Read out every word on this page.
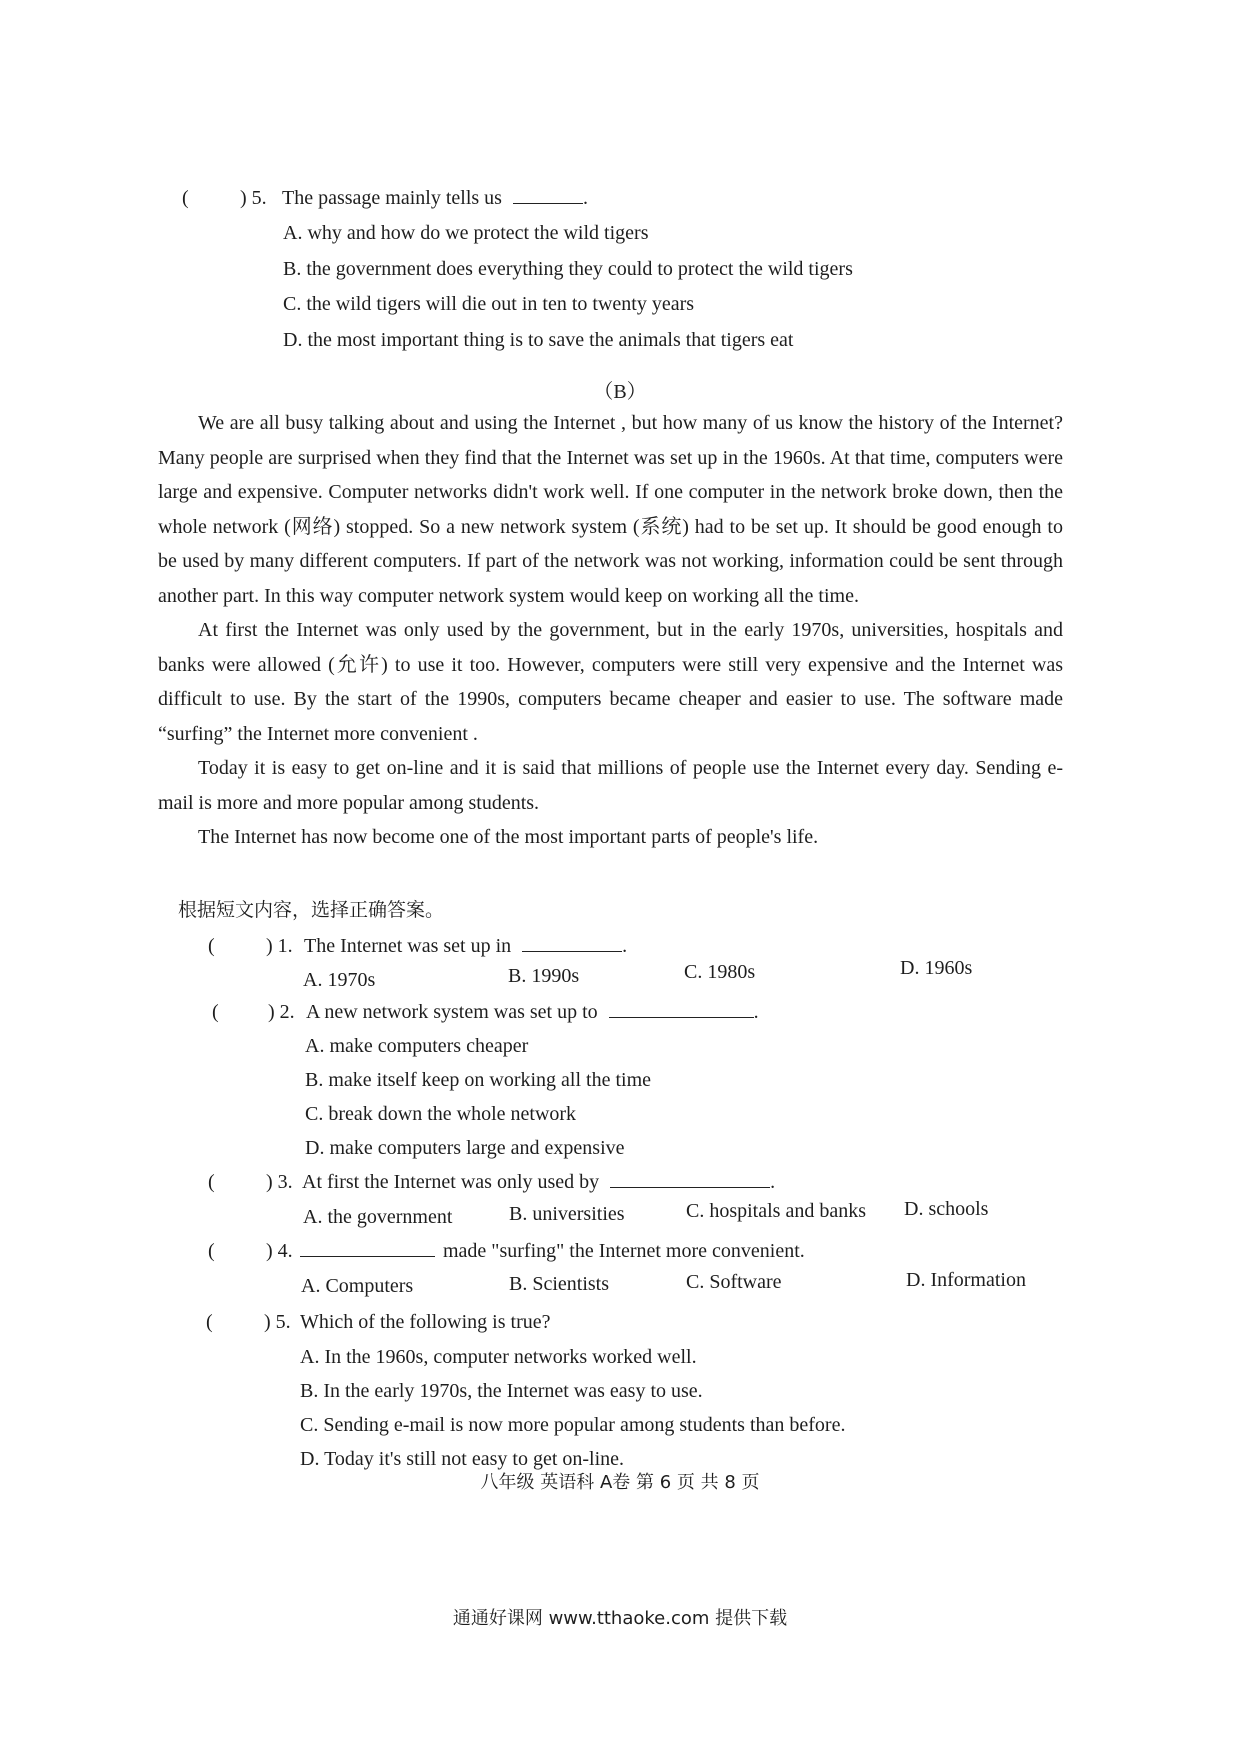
(	) 5. The passage mainly tells us	.
A. why and how do we protect the wild tigers
B. the government does everything they could to protect the wild tigers
C. the wild tigers will die out in ten to twenty years
D. the most important thing is to save the animals that tigers eat
（B）

We are all busy talking about and using the Internet , but how many of us know the history of the Internet? Many people are surprised when they find that the Internet was set up in the 1960s. At that time, computers were large and expensive. Computer networks didn't work well. If one computer in the network broke down, then the whole network (网络) stopped. So a new network system (系统) had to be set up. It should be good enough to be used by many different computers. If part of the network was not working, information could be sent through another part. In this way computer network system would keep on working all the time.

At first the Internet was only used by the government, but in the early 1970s, universities, hospitals and banks were allowed (允许) to use it too. However, computers were still very expensive and the Internet was difficult to use. By the start of the 1990s, computers became cheaper and easier to use. The software made “surfing” the Internet more convenient .

Today it is easy to get on-line and it is said that millions of people use the Internet every day. Sending e-mail is more and more popular among students.

The Internet has now become one of the most important parts of people's life.

根据短文内容，选择正确答案。
(	) 1. The Internet was set up in	.
A. 1970s	B. 1990s	C. 1980s	D. 1960s
( ) 2. A new network system was set up to	.
A. make computers cheaper
B. make itself keep on working all the time
C. break down the whole network
D. make computers large and expensive
(	) 3. At first the Internet was only used by	.
A. the government	B. universities	C. hospitals and banks D. schools
(	) 4.	made "surfing" the Internet more convenient.
A. Computers	B. Scientists	C. Software	D. Information
(	) 5. Which of the following is true?
A. In the 1960s, computer networks worked well.
B. In the early 1970s, the Internet was easy to use.
C. Sending e-mail is now more popular among students than before.
D. Today it's still not easy to get on-line.
八年级 英语科 A卷 第 6 页 共 8 页
通通好课网 www.tthaoke.com 提供下载
